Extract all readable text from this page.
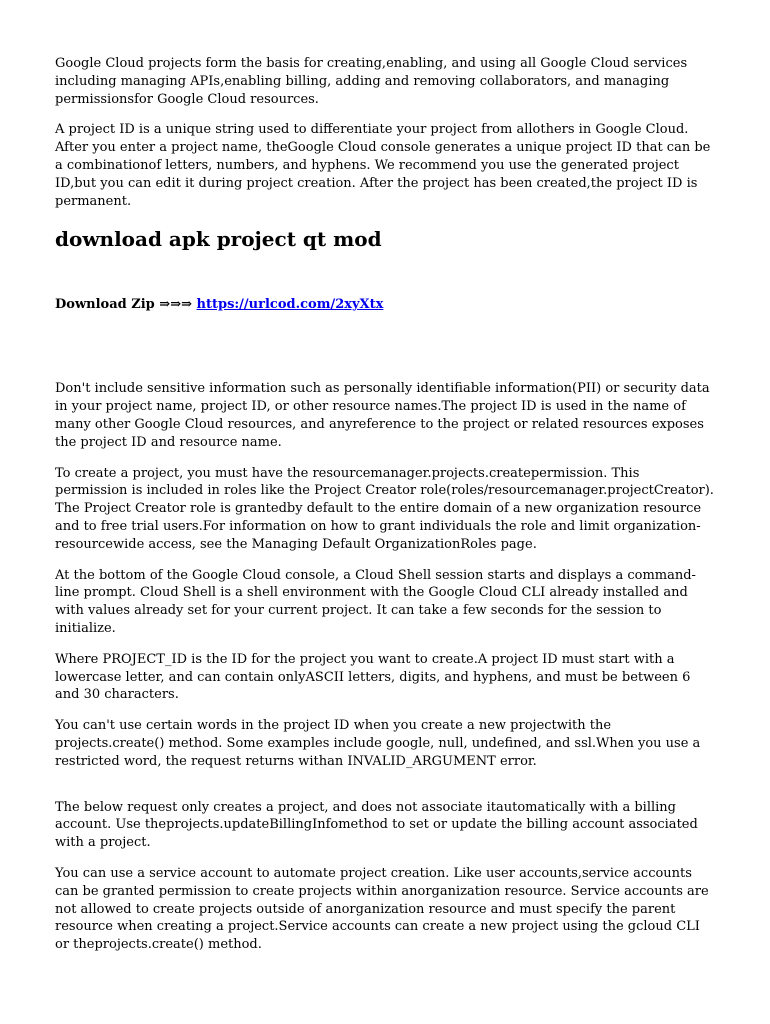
Google Cloud projects form the basis for creating,enabling, and using all Google Cloud services including managing APIs,enabling billing, adding and removing collaborators, and managing permissionsfor Google Cloud resources.

A project ID is a unique string used to differentiate your project from allothers in Google Cloud. After you enter a project name, theGoogle Cloud console generates a unique project ID that can be a combinationof letters, numbers, and hyphens. We recommend you use the generated project ID,but you can edit it during project creation. After the project has been created,the project ID is permanent.

download apk project qt mod
Download Zip ⇒⇒⇒ https://urlcod.com/2xyXtx

Don't include sensitive information such as personally identifiable information(PII) or security data in your project name, project ID, or other resource names.The project ID is used in the name of many other Google Cloud resources, and anyreference to the project or related resources exposes the project ID and resource name.

To create a project, you must have the resourcemanager.projects.createpermission. This permission is included in roles like the Project Creator role(roles/resourcemanager.projectCreator). The Project Creator role is grantedby default to the entire domain of a new organization resource and to free trial users.For information on how to grant individuals the role and limit organization-resourcewide access, see the Managing Default OrganizationRoles page.

At the bottom of the Google Cloud console, a Cloud Shell session starts and displays a command-line prompt. Cloud Shell is a shell environment with the Google Cloud CLI already installed and with values already set for your current project. It can take a few seconds for the session to initialize.

Where PROJECT_ID is the ID for the project you want to create.A project ID must start with a lowercase letter, and can contain onlyASCII letters, digits, and hyphens, and must be between 6 and 30 characters.

You can't use certain words in the project ID when you create a new projectwith the projects.create() method. Some examples include google, null, undefined, and ssl.When you use a restricted word, the request returns withan INVALID_ARGUMENT error.

The below request only creates a project, and does not associate itautomatically with a billing account. Use theprojects.updateBillingInfomethod to set or update the billing account associated with a project.

You can use a service account to automate project creation. Like user accounts,service accounts can be granted permission to create projects within anorganization resource. Service accounts are not allowed to create projects outside of anorganization resource and must specify the parent resource when creating a project.Service accounts can create a new project using the gcloud CLI or theprojects.create() method.
